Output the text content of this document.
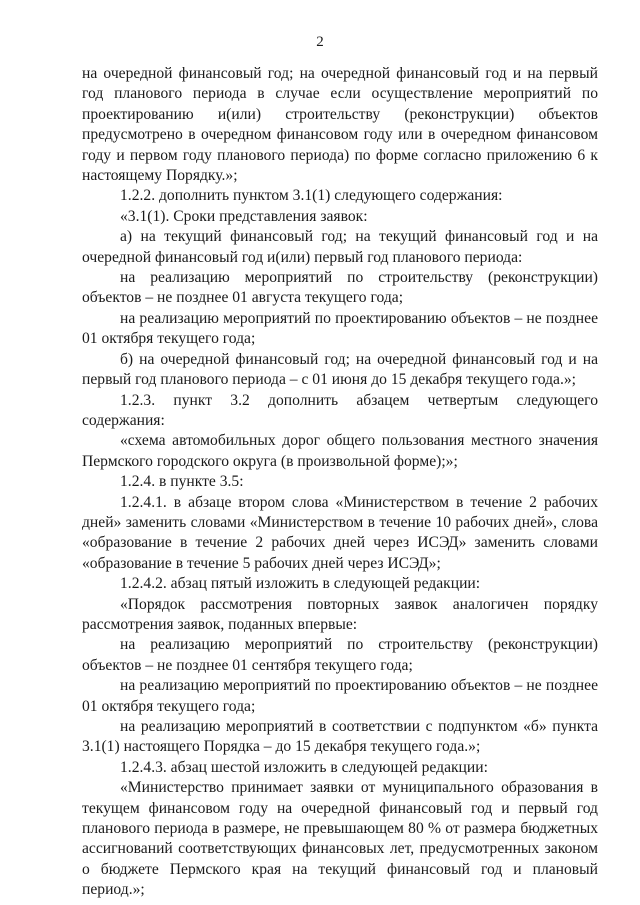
2

на очередной финансовый год; на очередной финансовый год и на первый год планового периода в случае если осуществление мероприятий по проектированию и(или) строительству (реконструкции) объектов предусмотрено в очередном финансовом году или в очередном финансовом году и первом году планового периода) по форме согласно приложению 6 к настоящему Порядку.»;

1.2.2. дополнить пунктом 3.1(1) следующего содержания:

«3.1(1). Сроки представления заявок:

а) на текущий финансовый год; на текущий финансовый год и на очередной финансовый год и(или) первый год планового периода:

на реализацию мероприятий по строительству (реконструкции) объектов – не позднее 01 августа текущего года;

на реализацию мероприятий по проектированию объектов – не позднее 01 октября текущего года;

б) на очередной финансовый год; на очередной финансовый год и на первый год планового периода – с 01 июня до 15 декабря текущего года.»;

1.2.3. пункт 3.2 дополнить абзацем четвертым следующего содержания:

«схема автомобильных дорог общего пользования местного значения Пермского городского округа (в произвольной форме);»;

1.2.4. в пункте 3.5:

1.2.4.1. в абзаце втором слова «Министерством в течение 2 рабочих дней» заменить словами «Министерством в течение 10 рабочих дней», слова «образование в течение 2 рабочих дней через ИСЭД» заменить словами «образование в течение 5 рабочих дней через ИСЭД»;

1.2.4.2. абзац пятый изложить в следующей редакции:

«Порядок рассмотрения повторных заявок аналогичен порядку рассмотрения заявок, поданных впервые:

на реализацию мероприятий по строительству (реконструкции) объектов – не позднее 01 сентября текущего года;

на реализацию мероприятий по проектированию объектов – не позднее 01 октября текущего года;

на реализацию мероприятий в соответствии с подпунктом «б» пункта 3.1(1) настоящего Порядка – до 15 декабря текущего года.»;

1.2.4.3. абзац шестой изложить в следующей редакции:

«Министерство принимает заявки от муниципального образования в текущем финансовом году на очередной финансовый год и первый год планового периода в размере, не превышающем 80 % от размера бюджетных ассигнований соответствующих финансовых лет, предусмотренных законом о бюджете Пермского края на текущий финансовый год и плановый период.»;
